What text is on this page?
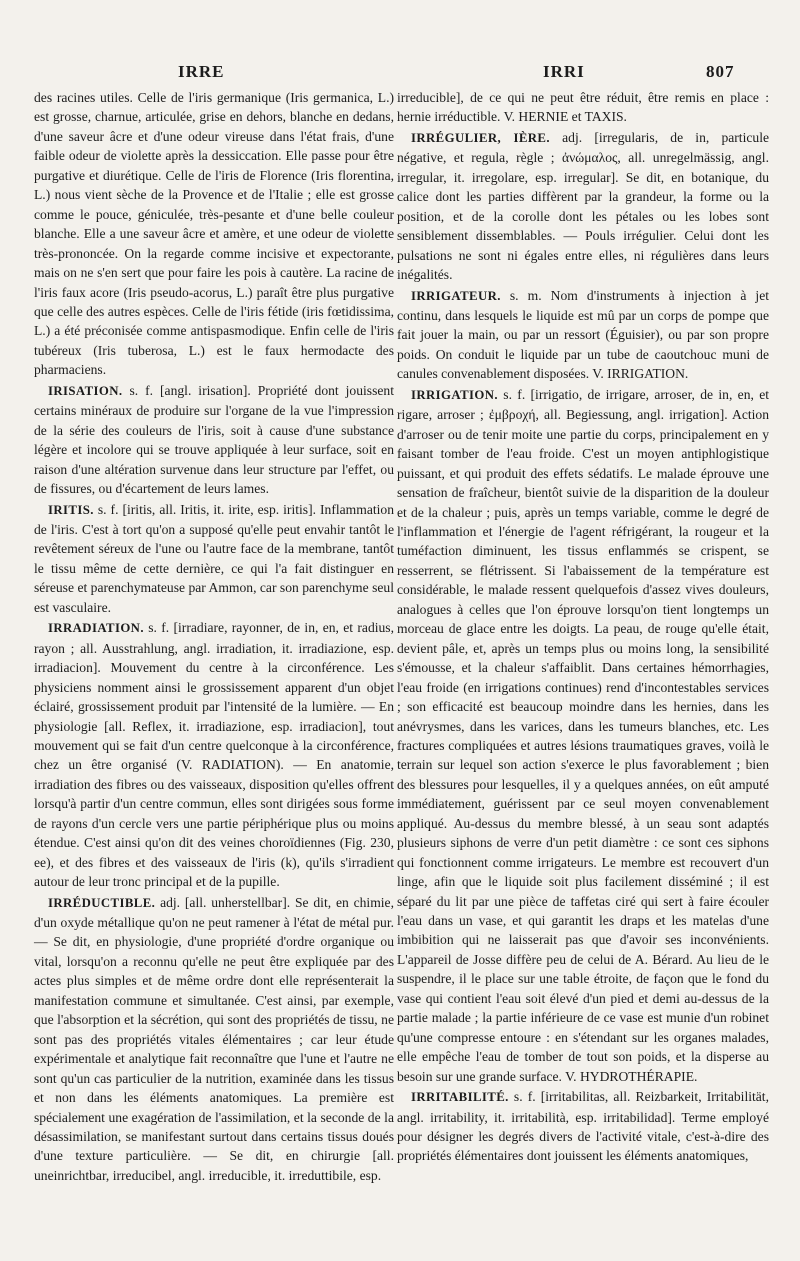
IRRE	IRRI	807

des racines utiles. Celle de l'iris germanique (Iris germanica, L.) est grosse, charnue, articulée, grise en dehors, blanche en dedans, d'une saveur âcre et d'une odeur vireuse dans l'état frais, d'une faible odeur de violette après la dessiccation. Elle passe pour être purgative et diurétique. Celle de l'iris de Florence (Iris florentina, L.) nous vient sèche de la Provence et de l'Italie ; elle est grosse comme le pouce, géniculée, très-pesante et d'une belle couleur blanche. Elle a une saveur âcre et amère, et une odeur de violette très-prononcée. On la regarde comme incisive et expectorante, mais on ne s'en sert que pour faire les pois à cautère. La racine de l'iris faux acore (Iris pseudo-acorus, L.) paraît être plus purgative que celle des autres espèces. Celle de l'iris fétide (iris fœtidissima, L.) a été préconisée comme antispasmodique. Enfin celle de l'iris tubéreux (Iris tuberosa, L.) est le faux hermodacte des pharmaciens.

IRISATION. s. f. [angl. irisation]. Propriété dont jouissent certains minéraux de produire sur l'organe de la vue l'impression de la série des couleurs de l'iris, soit à cause d'une substance légère et incolore qui se trouve appliquée à leur surface, soit en raison d'une altération survenue dans leur structure par l'effet, ou de fissures, ou d'écartement de leurs lames.

IRITIS. s. f. [iritis, all. Iritis, it. irite, esp. iritis]. Inflammation de l'iris. C'est à tort qu'on a supposé qu'elle peut envahir tantôt le revêtement séreux de l'une ou l'autre face de la membrane, tantôt le tissu même de cette dernière, ce qui l'a fait distinguer en séreuse et parenchymateuse par Ammon, car son parenchyme seul est vasculaire.

IRRADIATION. s. f. [irradiare, rayonner, de in, en, et radius, rayon ; all. Ausstrahlung, angl. irradiation, it. irradiazione, esp. irradiacion]. Mouvement du centre à la circonférence. Les physiciens nomment ainsi le grossissement apparent d'un objet éclairé, grossissement produit par l'intensité de la lumière. — En physiologie [all. Reflex, it. irradiazione, esp. irradiacion], tout mouvement qui se fait d'un centre quelconque à la circonférence, chez un être organisé (V. RADIATION). — En anatomie, irradiation des fibres ou des vaisseaux, disposition qu'elles offrent lorsqu'à partir d'un centre commun, elles sont dirigées sous forme de rayons d'un cercle vers une partie périphérique plus ou moins étendue. C'est ainsi qu'on dit des veines choroïdiennes (Fig. 230, ee), et des fibres et des vaisseaux de l'iris (k), qu'ils s'irradient autour de leur tronc principal et de la pupille.

IRRÉDUCTIBLE. adj. [all. unherstellbar]. Se dit, en chimie, d'un oxyde métallique qu'on ne peut ramener à l'état de métal pur. — Se dit, en physiologie, d'une propriété d'ordre organique ou vital, lorsqu'on a reconnu qu'elle ne peut être expliquée par des actes plus simples et de même ordre dont elle représenterait la manifestation commune et simultanée. C'est ainsi, par exemple, que l'absorption et la sécrétion, qui sont des propriétés de tissu, ne sont pas des propriétés vitales élémentaires ; car leur étude expérimentale et analytique fait reconnaître que l'une et l'autre ne sont qu'un cas particulier de la nutrition, examinée dans les tissus et non dans les éléments anatomiques. La première est spécialement une exagération de l'assimilation, et la seconde de la désassimilation, se manifestant surtout dans certains tissus doués d'une texture particulière. — Se dit, en chirurgie [all. uneinrichtbar, irreducibel, angl. irreducible, it. irreduttibile, esp.

irreducible], de ce qui ne peut être réduit, être remis en place : hernie irréductible. V. HERNIE et TAXIS.

IRRÉGULIER, IÈRE. adj. [irregularis, de in, particule négative, et regula, règle ; ἀνώμαλος, all. unregelmässig, angl. irregular, it. irregolare, esp. irregular]. Se dit, en botanique, du calice dont les parties diffèrent par la grandeur, la forme ou la position, et de la corolle dont les pétales ou les lobes sont sensiblement dissemblables. — Pouls irrégulier. Celui dont les pulsations ne sont ni égales entre elles, ni régulières dans leurs inégalités.

IRRIGATEUR. s. m. Nom d'instruments à injection à jet continu, dans lesquels le liquide est mû par un corps de pompe que fait jouer la main, ou par un ressort (Éguisier), ou par son propre poids. On conduit le liquide par un tube de caoutchouc muni de canules convenablement disposées. V. IRRIGATION.

IRRIGATION. s. f. [irrigatio, de irrigare, arroser, de in, en, et rigare, arroser ; ἐμβροχή, all. Begiessung, angl. irrigation]. Action d'arroser ou de tenir moite une partie du corps, principalement en y faisant tomber de l'eau froide. C'est un moyen antiphlogistique puissant, et qui produit des effets sédatifs. Le malade éprouve une sensation de fraîcheur, bientôt suivie de la disparition de la douleur et de la chaleur ; puis, après un temps variable, comme le degré de l'inflammation et l'énergie de l'agent réfrigérant, la rougeur et la tuméfaction diminuent, les tissus enflammés se crispent, se resserrent, se flétrissent. Si l'abaissement de la température est considérable, le malade ressent quelquefois d'assez vives douleurs, analogues à celles que l'on éprouve lorsqu'on tient longtemps un morceau de glace entre les doigts. La peau, de rouge qu'elle était, devient pâle, et, après un temps plus ou moins long, la sensibilité s'émousse, et la chaleur s'affaiblit. Dans certaines hémorrhagies, l'eau froide (en irrigations continues) rend d'incontestables services ; son efficacité est beaucoup moindre dans les hernies, dans les anévrysmes, dans les varices, dans les tumeurs blanches, etc. Les fractures compliquées et autres lésions traumatiques graves, voilà le terrain sur lequel son action s'exerce le plus favorablement ; bien des blessures pour lesquelles, il y a quelques années, on eût amputé immédiatement, guérissent par ce seul moyen convenablement appliqué. Au-dessus du membre blessé, à un seau sont adaptés plusieurs siphons de verre d'un petit diamètre : ce sont ces siphons qui fonctionnent comme irrigateurs. Le membre est recouvert d'un linge, afin que le liquide soit plus facilement disséminé ; il est séparé du lit par une pièce de taffetas ciré qui sert à faire écouler l'eau dans un vase, et qui garantit les draps et les matelas d'une imbibition qui ne laisserait pas que d'avoir ses inconvénients. L'appareil de Josse diffère peu de celui de A. Bérard. Au lieu de le suspendre, il le place sur une table étroite, de façon que le fond du vase qui contient l'eau soit élevé d'un pied et demi au-dessus de la partie malade ; la partie inférieure de ce vase est munie d'un robinet qu'une compresse entoure : en s'étendant sur les organes malades, elle empêche l'eau de tomber de tout son poids, et la disperse au besoin sur une grande surface. V. HYDROTHÉRAPIE.

IRRITABILITÉ. s. f. [irritabilitas, all. Reizbarkeit, Irritabilität, angl. irritability, it. irritabilità, esp. irritabilidad]. Terme employé pour désigner les degrés divers de l'activité vitale, c'est-à-dire des propriétés élémentaires dont jouissent les éléments anatomiques,
